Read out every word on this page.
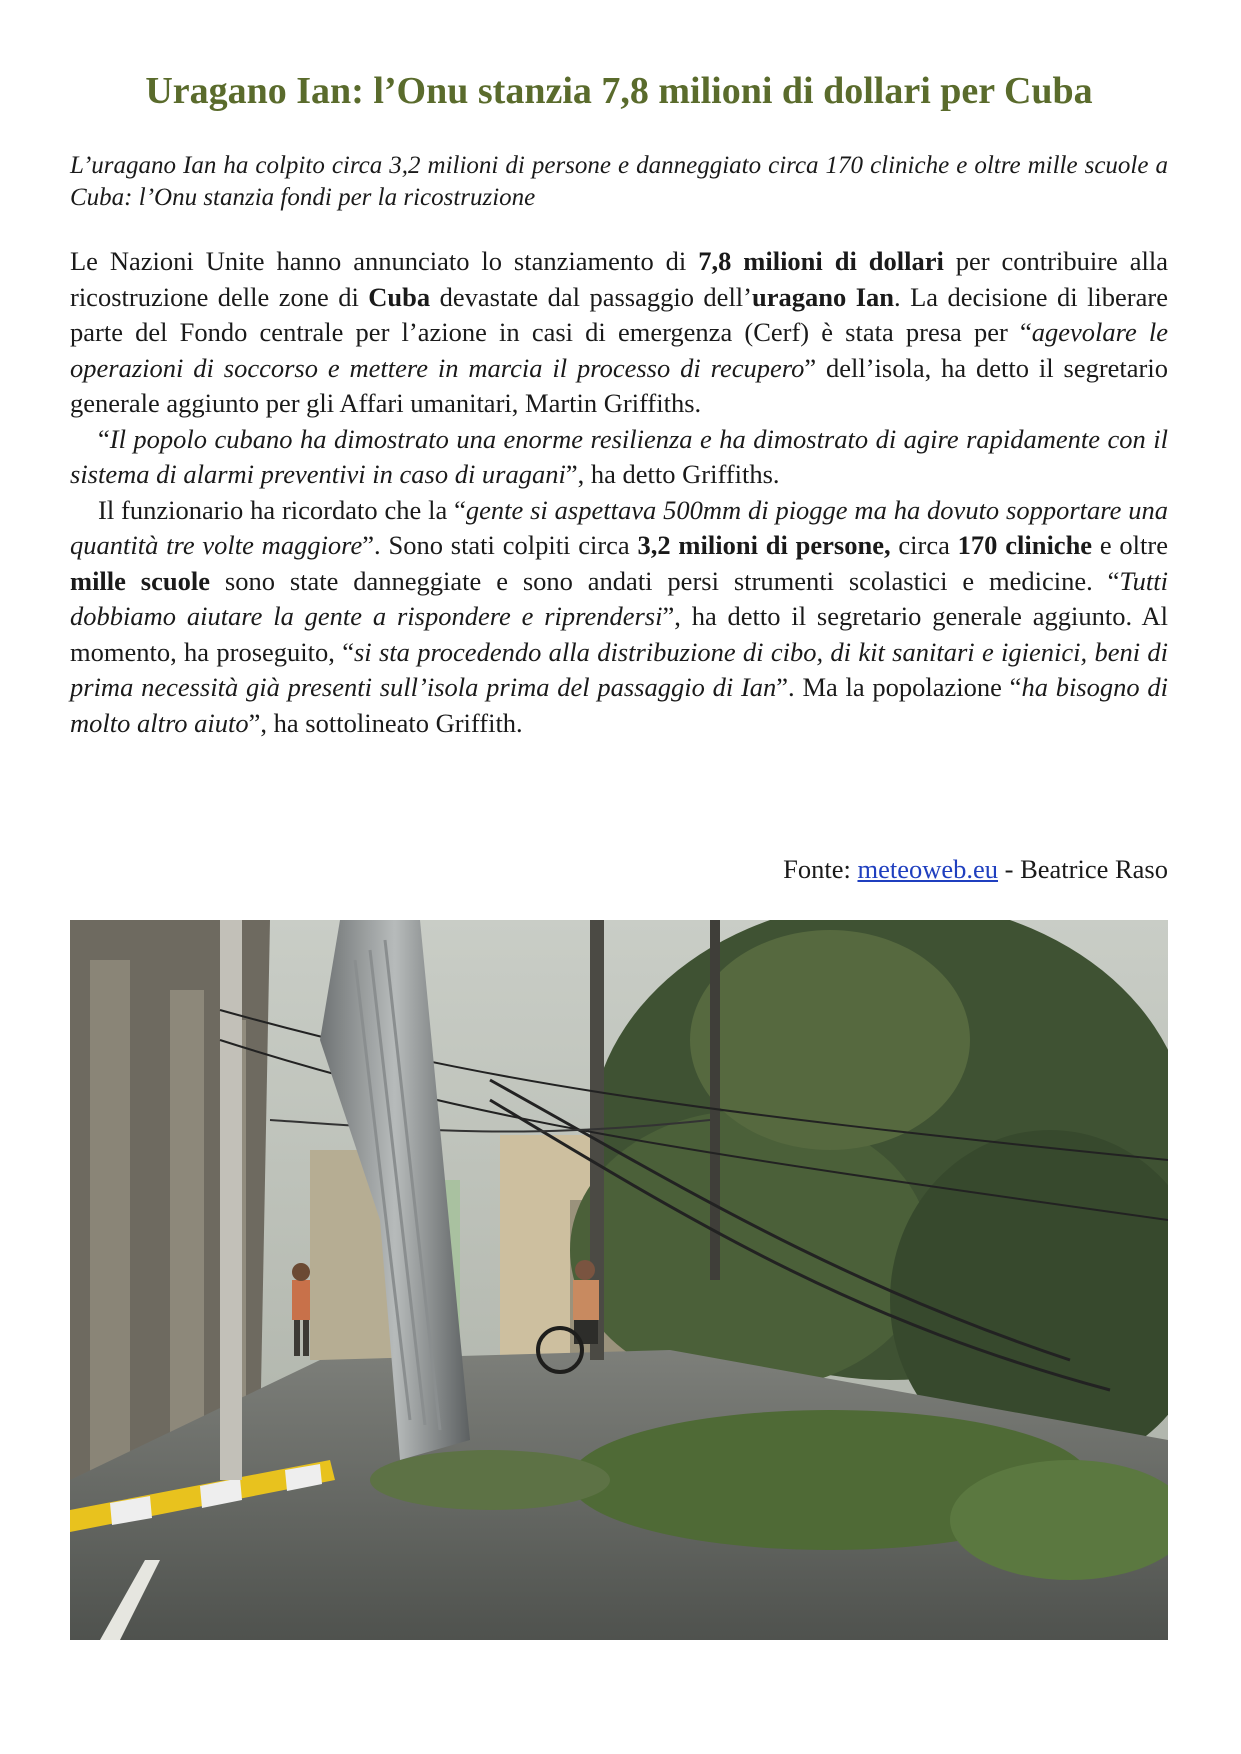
Uragano Ian: l’Onu stanzia 7,8 milioni di dollari per Cuba

L’uragano Ian ha colpito circa 3,2 milioni di persone e danneggiato circa 170 cliniche e oltre mille scuole a Cuba: l’Onu stanzia fondi per la ricostruzione

Le Nazioni Unite hanno annunciato lo stanziamento di 7,8 milioni di dollari per contribuire alla ricostruzione delle zone di Cuba devastate dal passaggio dell’uragano Ian. La decisione di liberare parte del Fondo centrale per l’azione in casi di emergenza (Cerf) è stata presa per “agevolare le operazioni di soccorso e mettere in marcia il processo di recupero” dell’isola, ha detto il segretario generale aggiunto per gli Affari umanitari, Martin Griffiths.

“Il popolo cubano ha dimostrato una enorme resilienza e ha dimostrato di agire rapidamente con il sistema di alarmi preventivi in caso di uragani”, ha detto Griffiths.

Il funzionario ha ricordato che la “gente si aspettava 500mm di piogge ma ha dovuto sopportare una quantità tre volte maggiore”. Sono stati colpiti circa 3,2 milioni di persone, circa 170 cliniche e oltre mille scuole sono state danneggiate e sono andati persi strumenti scolastici e medicine. “Tutti dobbiamo aiutare la gente a rispondere e riprendersi”, ha detto il segretario generale aggiunto. Al momento, ha proseguito, “si sta procedendo alla distribuzione di cibo, di kit sanitari e igienici, beni di prima necessità già presenti sull’isola prima del passaggio di Ian”. Ma la popolazione “ha bisogno di molto altro aiuto”, ha sottolineato Griffith.

Fonte: meteoweb.eu - Beatrice Raso
